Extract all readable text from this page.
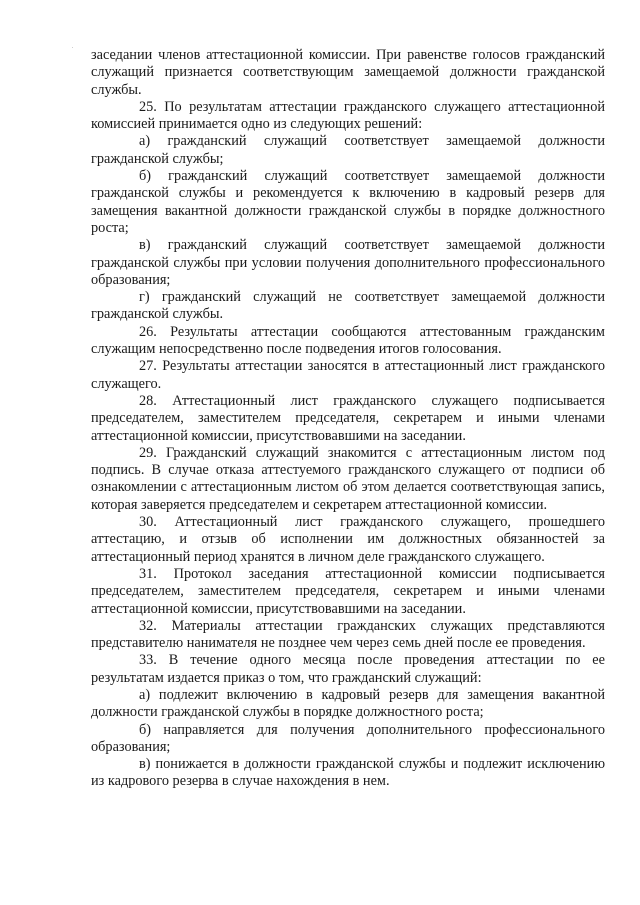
заседании членов аттестационной комиссии. При равенстве голосов гражданский служащий признается соответствующим замещаемой должности гражданской службы.

25. По результатам аттестации гражданского служащего аттестационной комиссией принимается одно из следующих решений:

а) гражданский служащий соответствует замещаемой должности гражданской службы;

б) гражданский служащий соответствует замещаемой должности гражданской службы и рекомендуется к включению в кадровый резерв для замещения вакантной должности гражданской службы в порядке должностного роста;

в) гражданский служащий соответствует замещаемой должности гражданской службы при условии получения дополнительного профессионального образования;

г) гражданский служащий не соответствует замещаемой должности гражданской службы.

26. Результаты аттестации сообщаются аттестованным гражданским служащим непосредственно после подведения итогов голосования.

27. Результаты аттестации заносятся в аттестационный лист гражданского служащего.

28. Аттестационный лист гражданского служащего подписывается председателем, заместителем председателя, секретарем и иными членами аттестационной комиссии, присутствовавшими на заседании.

29. Гражданский служащий знакомится с аттестационным листом под подпись. В случае отказа аттестуемого гражданского служащего от подписи об ознакомлении с аттестационным листом об этом делается соответствующая запись, которая заверяется председателем и секретарем аттестационной комиссии.

30. Аттестационный лист гражданского служащего, прошедшего аттестацию, и отзыв об исполнении им должностных обязанностей за аттестационный период хранятся в личном деле гражданского служащего.

31. Протокол заседания аттестационной комиссии подписывается председателем, заместителем председателя, секретарем и иными членами аттестационной комиссии, присутствовавшими на заседании.

32. Материалы аттестации гражданских служащих представляются представителю нанимателя не позднее чем через семь дней после ее проведения.

33. В течение одного месяца после проведения аттестации по ее результатам издается приказ о том, что гражданский служащий:

а) подлежит включению в кадровый резерв для замещения вакантной должности гражданской службы в порядке должностного роста;

б) направляется для получения дополнительного профессионального образования;

в) понижается в должности гражданской службы и подлежит исключению из кадрового резерва в случае нахождения в нем.
